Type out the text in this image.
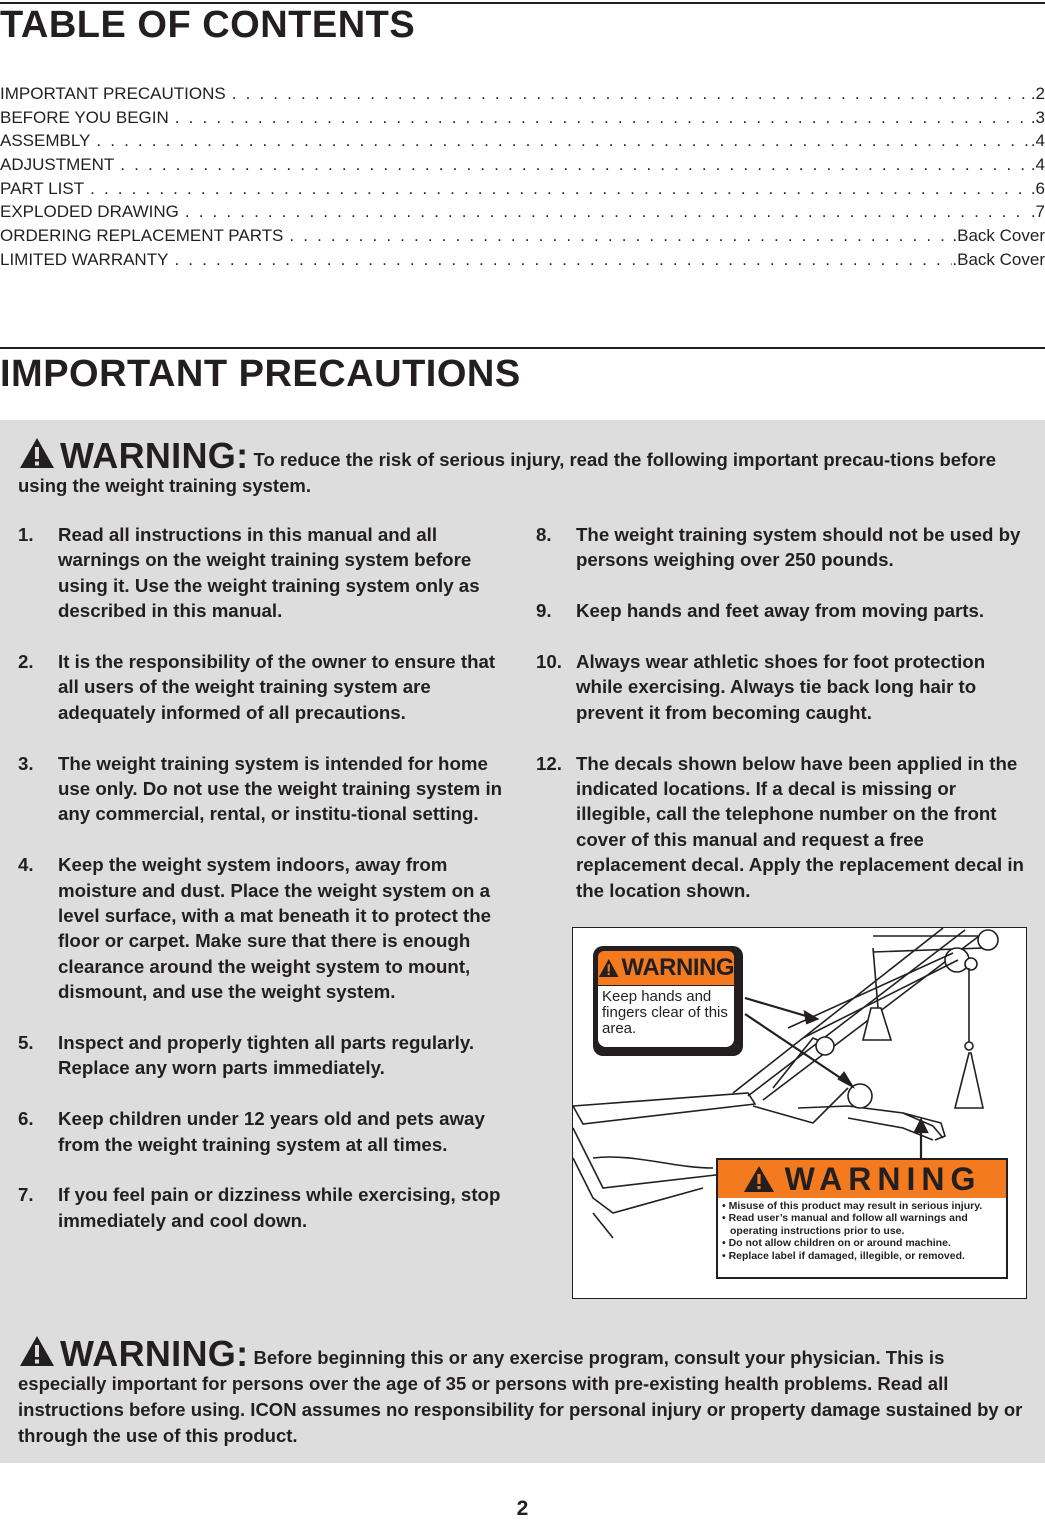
TABLE OF CONTENTS
IMPORTANT PRECAUTIONS . . .	.2
BEFORE YOU BEGIN . . .	.3
ASSEMBLY . . .	.4
ADJUSTMENT . . .	.4
PART LIST . . .	.6
EXPLODED DRAWING . . .	.7
ORDERING REPLACEMENT PARTS . . .	.Back Cover
LIMITED WARRANTY . . .	.Back Cover
IMPORTANT PRECAUTIONS
WARNING: To reduce the risk of serious injury, read the following important precau-tions before using the weight training system.
1.	Read all instructions in this manual and all warnings on the weight training system before using it. Use the weight training system only as described in this manual.
2.	It is the responsibility of the owner to ensure that all users of the weight training system are adequately informed of all precautions.
3.	The weight training system is intended for home use only. Do not use the weight training system in any commercial, rental, or institu-tional setting.
4.	Keep the weight system indoors, away from moisture and dust. Place the weight system on a level surface, with a mat beneath it to protect the floor or carpet. Make sure that there is enough clearance around the weight system to mount, dismount, and use the weight system.
5.	Inspect and properly tighten all parts regularly. Replace any worn parts immediately.
6.	Keep children under 12 years old and pets away from the weight training system at all times.
7.	If you feel pain or dizziness while exercising, stop immediately and cool down.
8.	The weight training system should not be used by persons weighing over 250 pounds.
9.	Keep hands and feet away from moving parts.
10. Always wear athletic shoes for foot protection while exercising. Always tie back long hair to prevent it from becoming caught.
12. The decals shown below have been applied in the indicated locations. If a decal is missing or illegible, call the telephone number on the front cover of this manual and request a free replacement decal. Apply the replacement decal in the location shown.
WARNING
Keep hands and fingers clear of this area.
WARNING
• Misuse of this product may result in serious injury.
• Read user’s manual and follow all warnings and operating instructions prior to use.
• Do not allow children on or around machine.
• Replace label if damaged, illegible, or removed.
WARNING: Before beginning this or any exercise program, consult your physician. This is especially important for persons over the age of 35 or persons with pre-existing health problems. Read all instructions before using. ICON assumes no responsibility for personal injury or property damage sustained by or through the use of this product.
2
